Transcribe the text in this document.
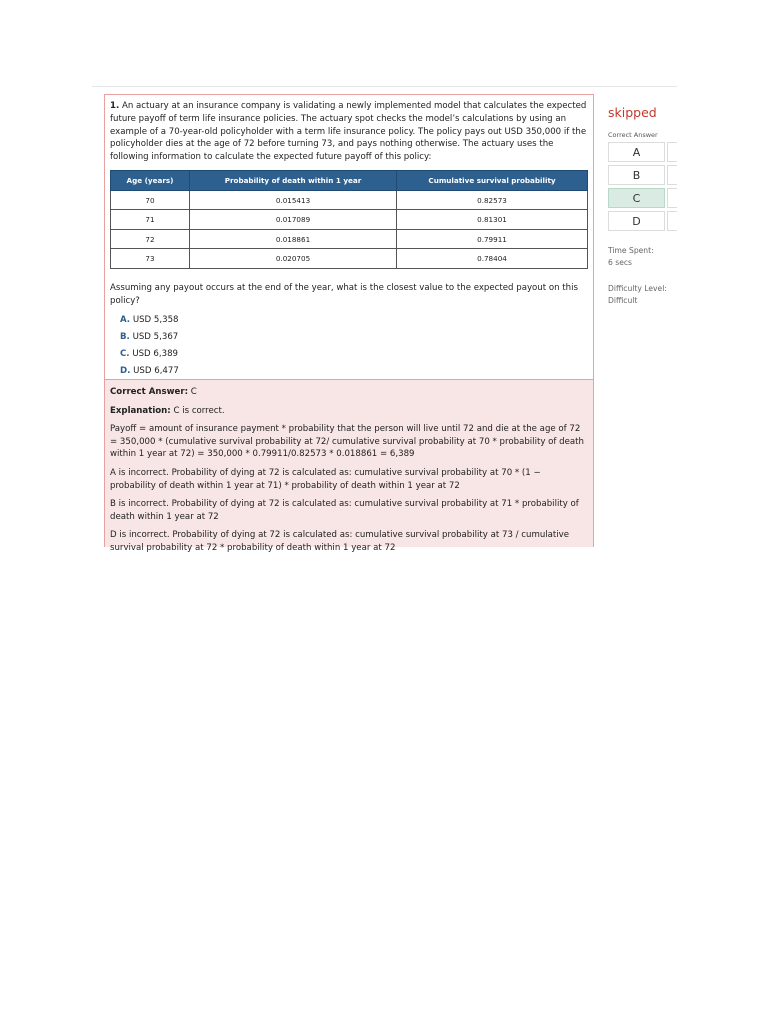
1. An actuary at an insurance company is validating a newly implemented model that calculates the expected future payoff of term life insurance policies. The actuary spot checks the model’s calculations by using an example of a 70-year-old policyholder with a term life insurance policy. The policy pays out USD 350,000 if the policyholder dies at the age of 72 before turning 73, and pays nothing otherwise. The actuary uses the following information to calculate the expected future payoff of this policy:

Age (years)	Probability of death within 1 year	Cumulative survival probability
70	0.015413	0.82573
71	0.017089	0.81301
72	0.018861	0.79911
73	0.020705	0.78404

Assuming any payout occurs at the end of the year, what is the closest value to the expected payout on this policy?

A. USD 5,358
B. USD 5,367
C. USD 6,389
D. USD 6,477

Correct Answer: C

Explanation: C is correct.

Payoff = amount of insurance payment * probability that the person will live until 72 and die at the age of 72 = 350,000 * (cumulative survival probability at 72/ cumulative survival probability at 70 * probability of death within 1 year at 72) = 350,000 * 0.79911/0.82573 * 0.018861 = 6,389

A is incorrect. Probability of dying at 72 is calculated as: cumulative survival probability at 70 * (1 − probability of death within 1 year at 71) * probability of death within 1 year at 72

B is incorrect. Probability of dying at 72 is calculated as: cumulative survival probability at 71 * probability of death within 1 year at 72

D is incorrect. Probability of dying at 72 is calculated as: cumulative survival probability at 73 / cumulative survival probability at 72 * probability of death within 1 year at 72

skipped
Correct Answer
A
B
C
D
Time Spent:
6 secs
Difficulty Level:
Difficult
